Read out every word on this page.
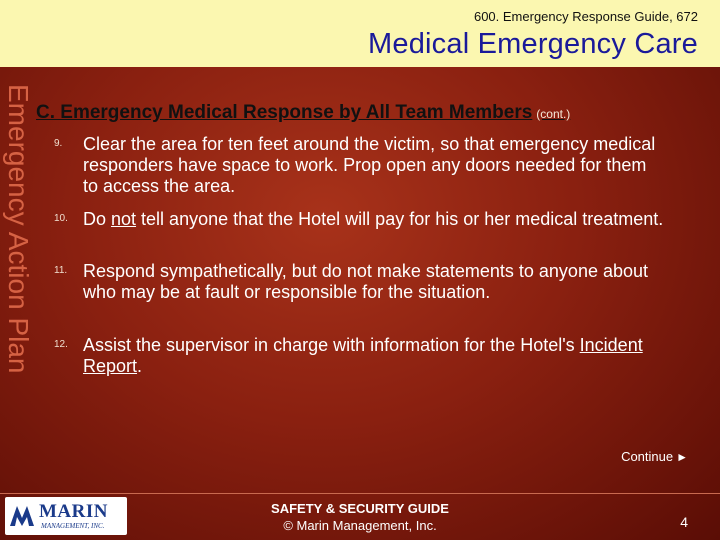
600. Emergency Response Guide, 672
Medical Emergency Care
Emergency Action Plan C. Emergency Medical Response by All Team Members (cont.)
9.	Clear the area for ten feet around the victim, so that emergency medical responders have space to work. Prop open any doors needed for them to access the area.
10. Do not tell anyone that the Hotel will pay for his or her medical treatment.
11. Respond sympathetically, but do not make statements to anyone about who may be at fault or responsible for the situation.
12. Assist the supervisor in charge with information for the Hotel's Incident Report.
Continue ►
MARIN
MANAGEMENT, INC.
SAFETY & SECURITY GUIDE
© Marin Management, Inc.	4
